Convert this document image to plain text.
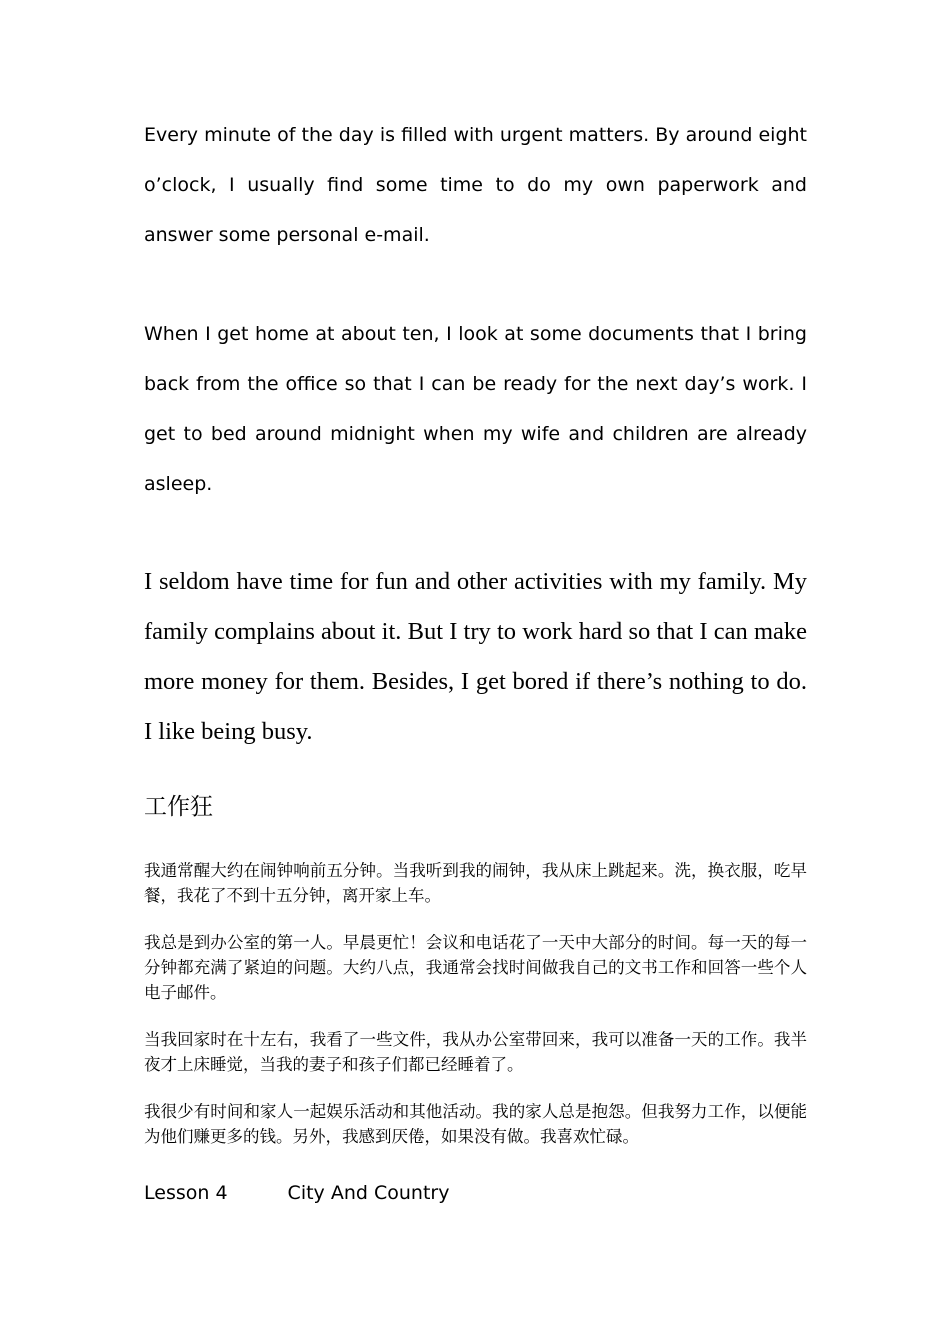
Every minute of the day is filled with urgent matters. By around eight o’clock, I usually find some time to do my own paperwork and answer some personal e-mail.

When I get home at about ten, I look at some documents that I bring back from the office so that I can be ready for the next day’s work. I get to bed around midnight when my wife and children are already asleep.

I seldom have time for fun and other activities with my family. My family complains about it. But I try to work hard so that I can make more money for them. Besides, I get bored if there’s nothing to do.　I like being busy.

工作狂

我通常醒大约在闹钟响前五分钟。当我听到我的闹钟，我从床上跳起来。洗，换衣服，吃早餐，我花了不到十五分钟，离开家上车。

我总是到办公室的第一人。早晨更忙！会议和电话花了一天中大部分的时间。每一天的每一分钟都充满了紧迫的问题。大约八点，我通常会找时间做我自己的文书工作和回答一些个人电子邮件。

当我回家时在十左右，我看了一些文件，我从办公室带回来，我可以准备一天的工作。我半夜才上床睡觉，当我的妻子和孩子们都已经睡着了。

我很少有时间和家人一起娱乐活动和其他活动。我的家人总是抱怨。但我努力工作，以便能为他们赚更多的钱。另外，我感到厌倦，如果没有做。我喜欢忙碌。

Lesson 4	City And Country
